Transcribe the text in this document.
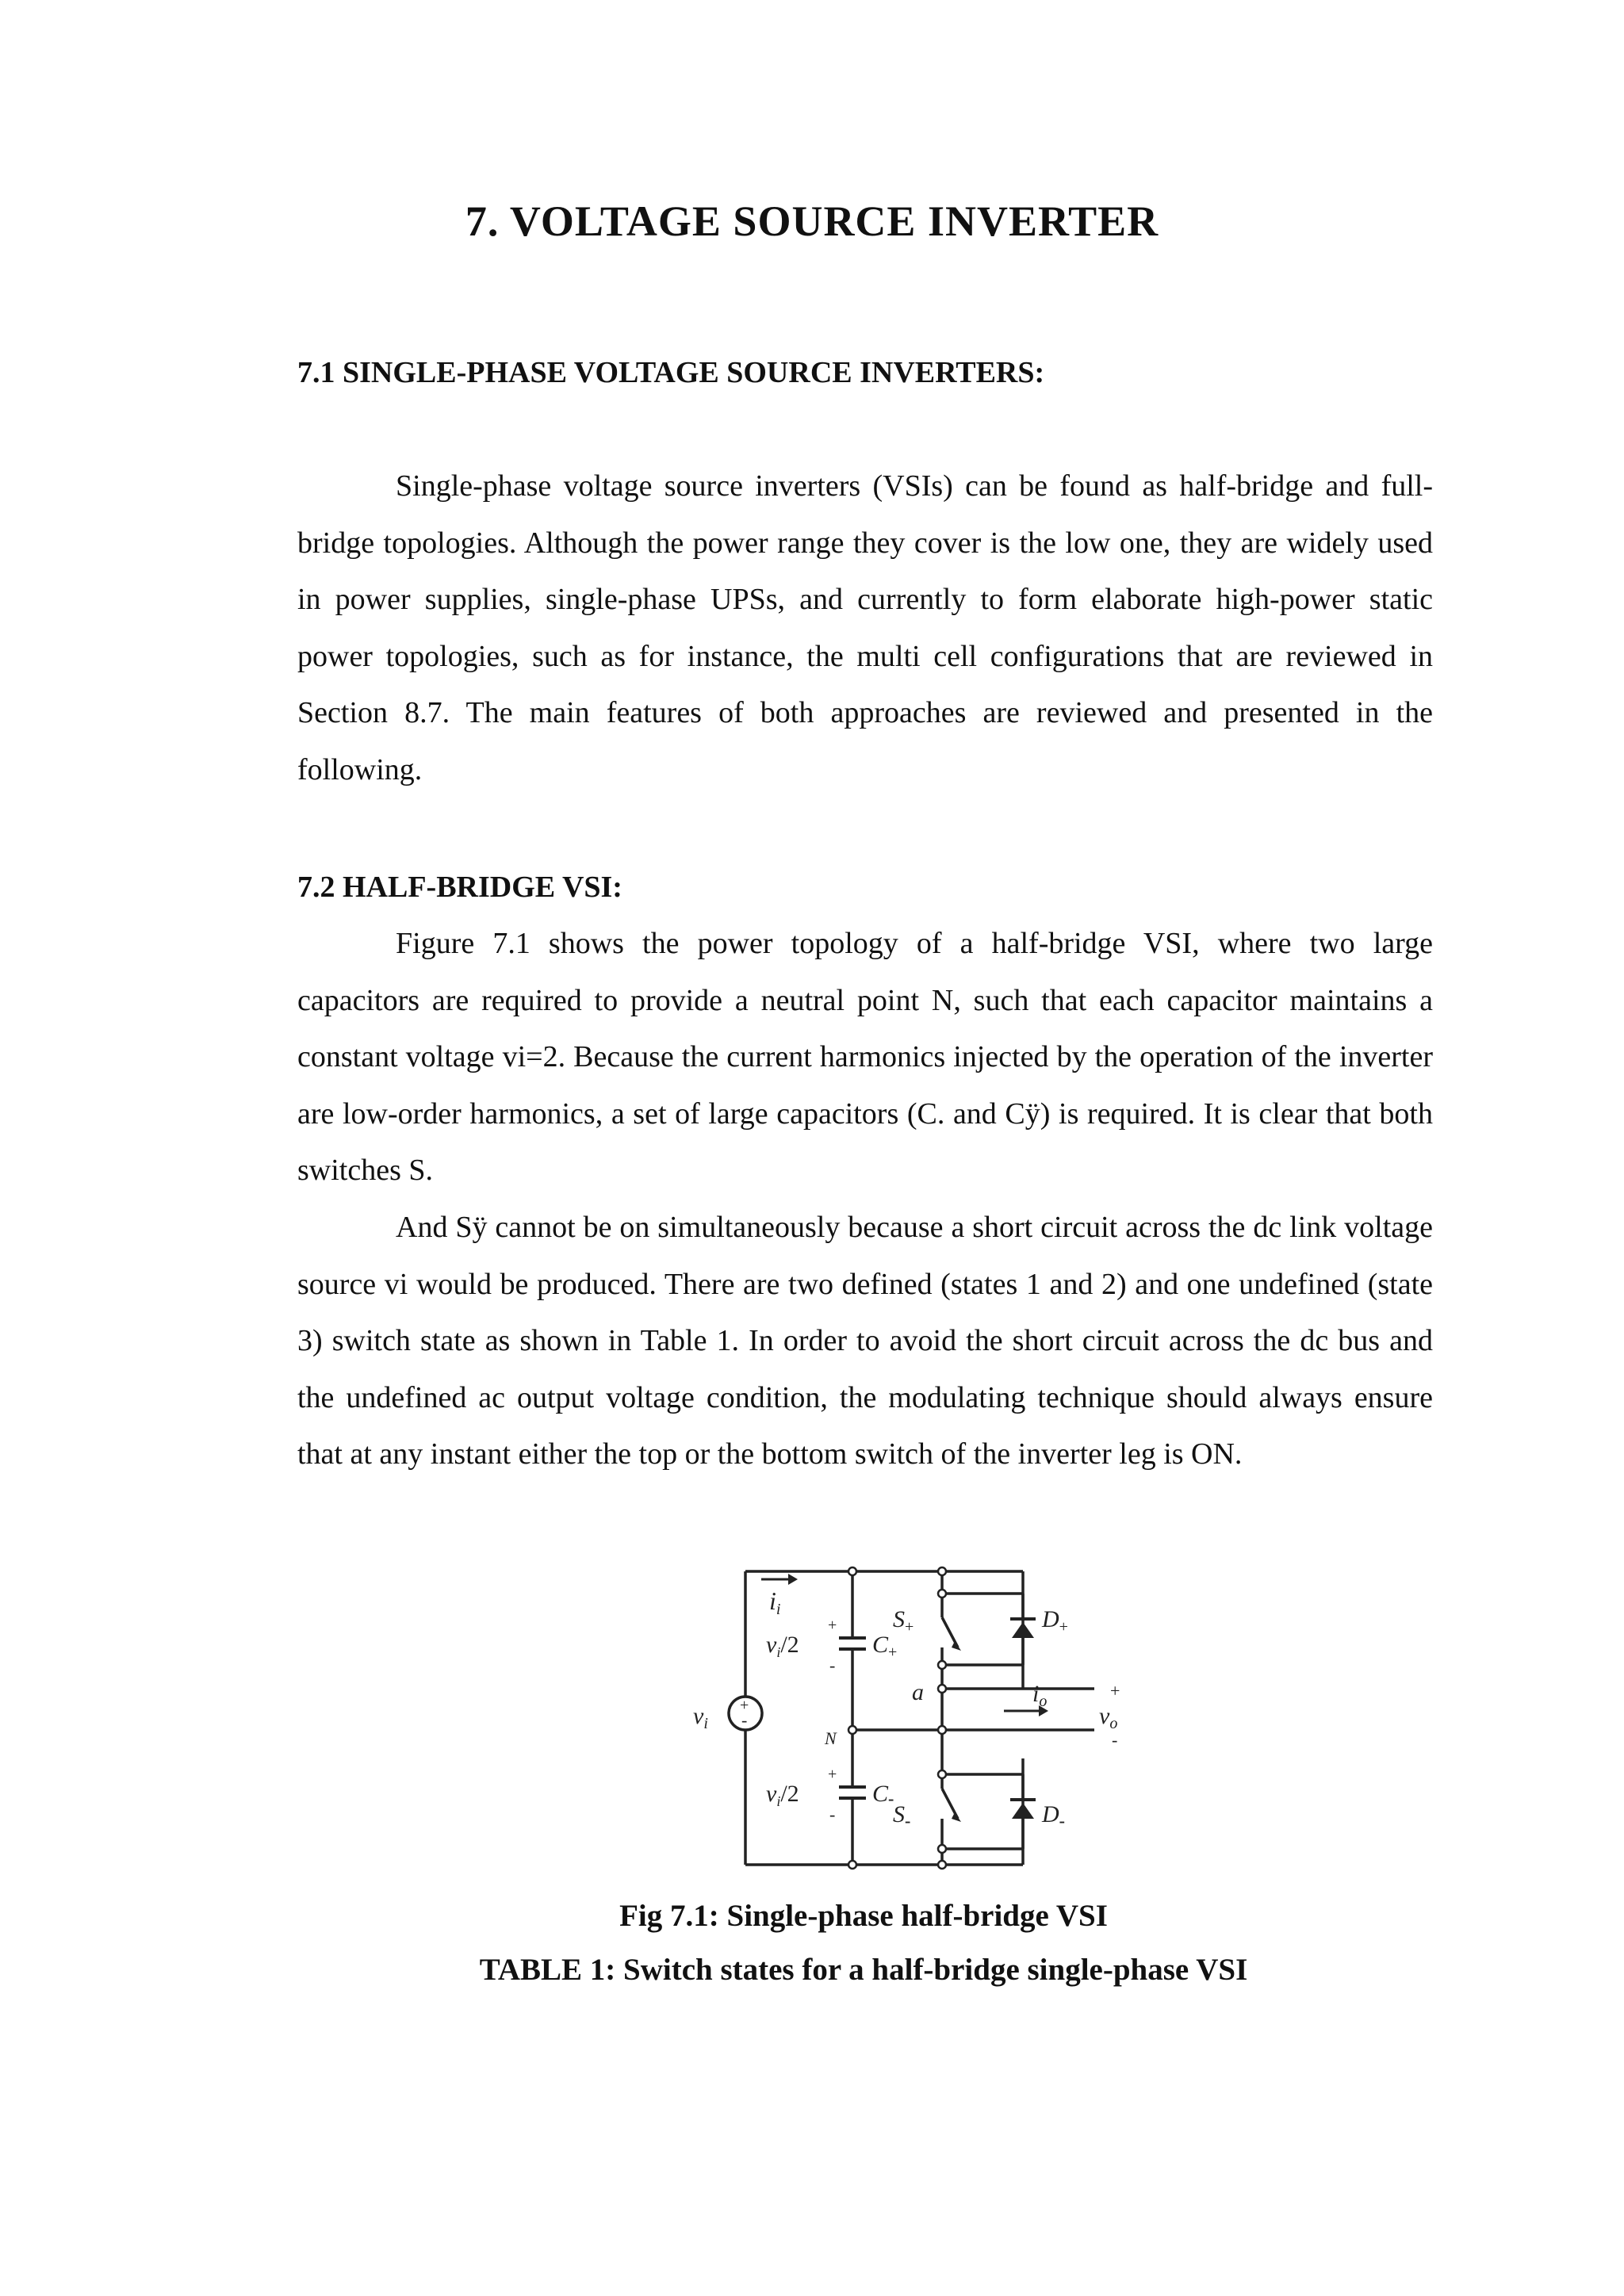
7. VOLTAGE SOURCE INVERTER
7.1 SINGLE-PHASE VOLTAGE SOURCE INVERTERS:

Single-phase voltage source inverters (VSIs) can be found as half-bridge and full-bridge topologies. Although the power range they cover is the low one, they are widely used in power supplies, single-phase UPSs, and currently to form elaborate high-power static power topologies, such as for instance, the multi cell configurations that are reviewed in Section 8.7. The main features of both approaches are reviewed and presented in the following.

7.2 HALF-BRIDGE VSI:

Figure 7.1 shows the power topology of a half-bridge VSI, where two large capacitors are required to provide a neutral point N, such that each capacitor maintains a constant voltage vi=2. Because the current harmonics injected by the operation of the inverter are low-order harmonics, a set of large capacitors (C. and Cÿ) is required. It is clear that both switches S.

And Sÿ cannot be on simultaneously because a short circuit across the dc link voltage source vi would be produced. There are two defined (states 1 and 2) and one undefined (state 3) switch state as shown in Table 1. In order to avoid the short circuit across the dc bus and the undefined ac output voltage condition, the modulating technique should always ensure that at any instant either the top or the bottom switch of the inverter leg is ON.

+
-
ii
$v_i$
+
-
$v_i/2$	$C_+$
N
+
-
$v_i/2$	C-
$S_+$
$S_-$
$D_+$
$D_-$
a	$i_o$
+
$v_o$
-

Fig 7.1: Single-phase half-bridge VSI

TABLE 1: Switch states for a half-bridge single-phase VSI
